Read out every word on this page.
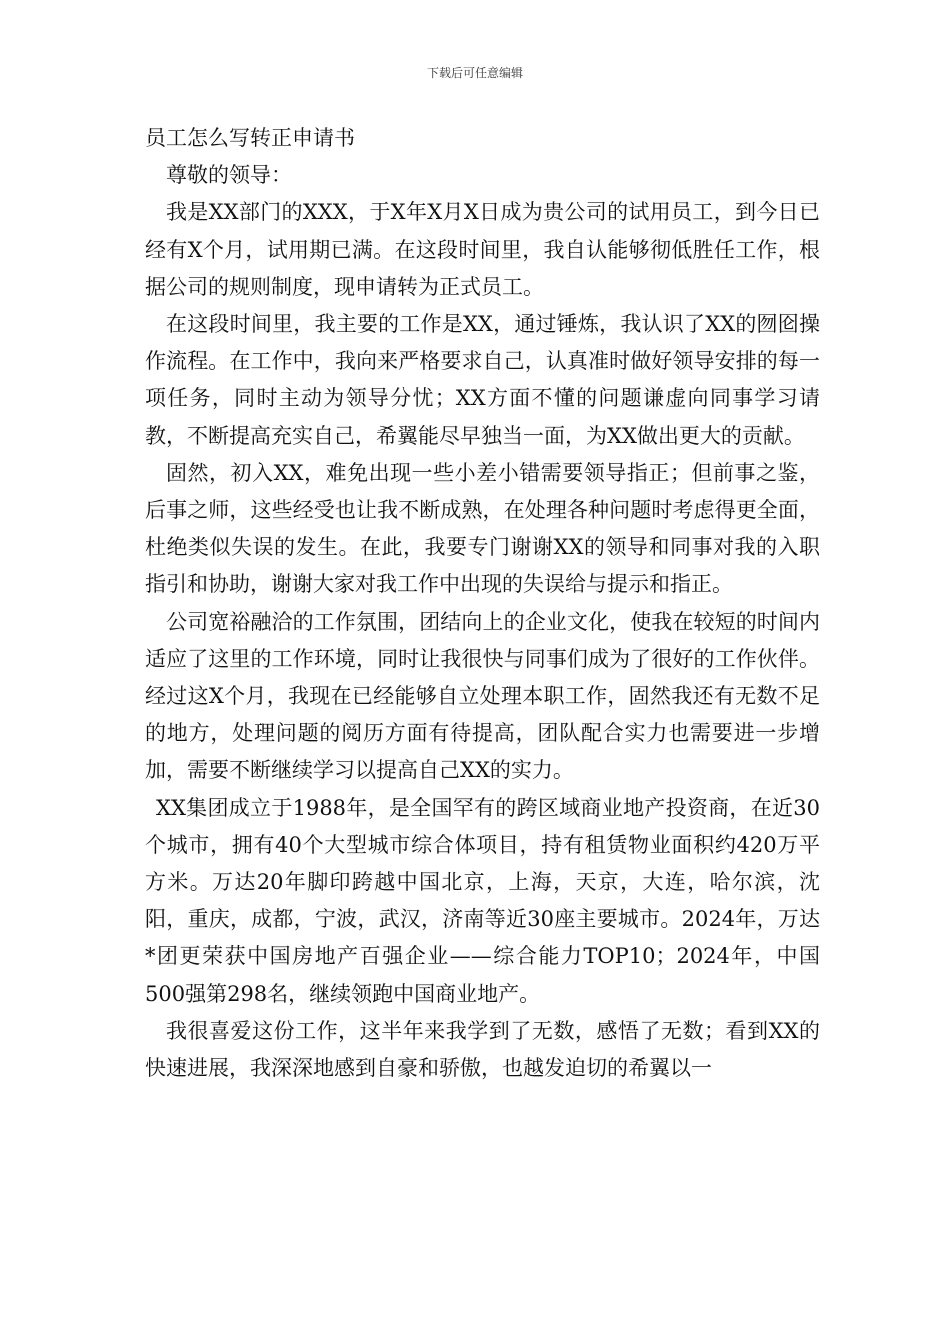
下载后可任意编辑
员工怎么写转正申请书

尊敬的领导：

我是XX部门的XXX，于X年X月X日成为贵公司的试用员工，到今日已经有X个月，试用期已满。在这段时间里，我自认能够彻低胜任工作，根据公司的规则制度，现申请转为正式员工。

在这段时间里，我主要的工作是XX，通过锤炼，我认识了XX的囫囵操作流程。在工作中，我向来严格要求自己，认真准时做好领导安排的每一项任务，同时主动为领导分忧；XX方面不懂的问题谦虚向同事学习请教，不断提高充实自己，希翼能尽早独当一面，为XX做出更大的贡献。

固然，初入XX，难免出现一些小差小错需要领导指正；但前事之鉴，后事之师，这些经受也让我不断成熟，在处理各种问题时考虑得更全面，杜绝类似失误的发生。在此，我要专门谢谢XX的领导和同事对我的入职指引和协助，谢谢大家对我工作中出现的失误给与提示和指正。

公司宽裕融洽的工作氛围，团结向上的企业文化，使我在较短的时间内适应了这里的工作环境，同时让我很快与同事们成为了很好的工作伙伴。经过这X个月，我现在已经能够自立处理本职工作，固然我还有无数不足的地方，处理问题的阅历方面有待提高，团队配合实力也需要进一步增加，需要不断继续学习以提高自己XX的实力。

XX集团成立于1988年，是全国罕有的跨区域商业地产投资商，在近30个城市，拥有40个大型城市综合体项目，持有租赁物业面积约420万平方米。万达20年脚印跨越中国北京，上海，天京，大连，哈尔滨，沈阳，重庆，成都，宁波，武汉，济南等近30座主要城市。2024年，万达*团更荣获中国房地产百强企业——综合能力TOP10；2024年，中国500强第298名，继续领跑中国商业地产。

我很喜爱这份工作，这半年来我学到了无数，感悟了无数；看到XX的快速进展，我深深地感到自豪和骄傲，也越发迫切的希翼以一
